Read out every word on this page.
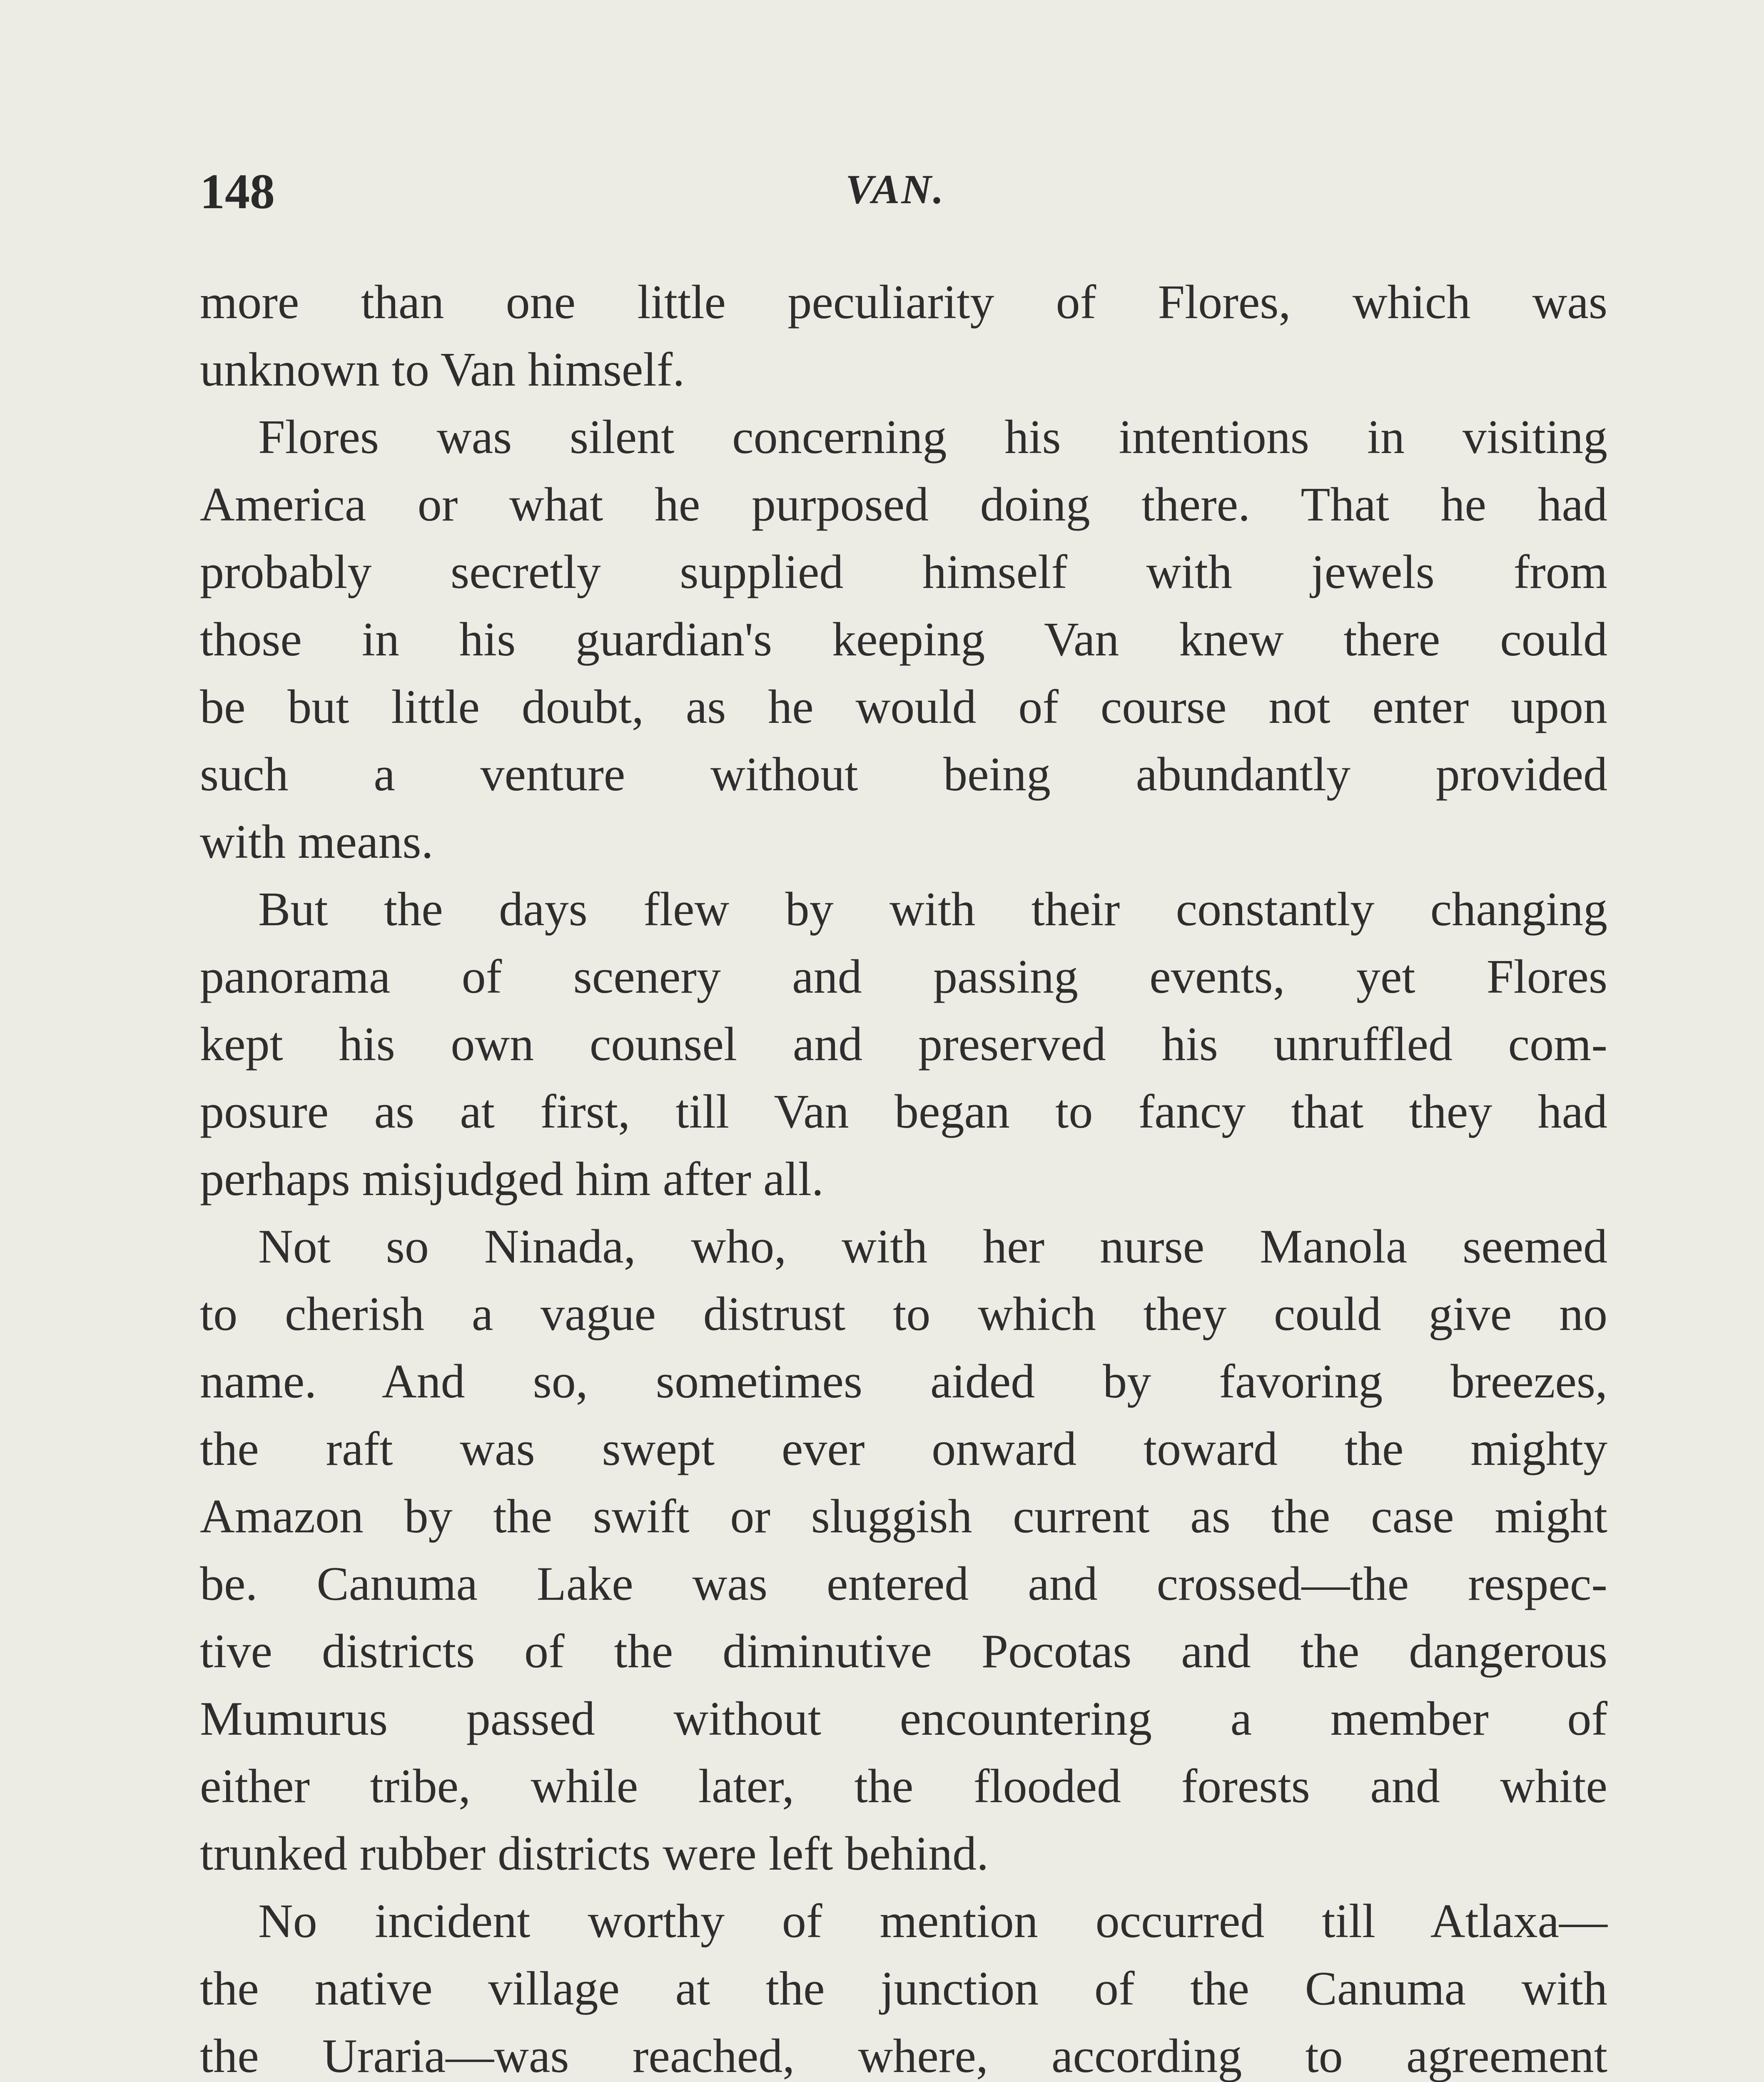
148	VAN.
more than one little peculiarity of Flores, which was
unknown to Van himself.
Flores was silent concerning his intentions in visiting
America or what he purposed doing there. That he had
probably secretly supplied himself with jewels from
those in his guardian's keeping Van knew there could
be but little doubt, as he would of course not enter upon
such a venture without being abundantly provided
with means.
But the days flew by with their constantly changing
panorama of scenery and passing events, yet Flores
kept his own counsel and preserved his unruffled com-
posure as at first, till Van began to fancy that they had
perhaps misjudged him after all.
Not so Ninada, who, with her nurse Manola seemed
to cherish a vague distrust to which they could give no
name. And so, sometimes aided by favoring breezes,
the raft was swept ever onward toward the mighty
Amazon by the swift or sluggish current as the case might
be. Canuma Lake was entered and crossed—the respec-
tive districts of the diminutive Pocotas and the dangerous
Mumurus passed without encountering a member of
either tribe, while later, the flooded forests and white
trunked rubber districts were left behind.
No incident worthy of mention occurred till Atlaxa—
the native village at the junction of the Canuma with
the Uraria—was reached, where, according to agreement
